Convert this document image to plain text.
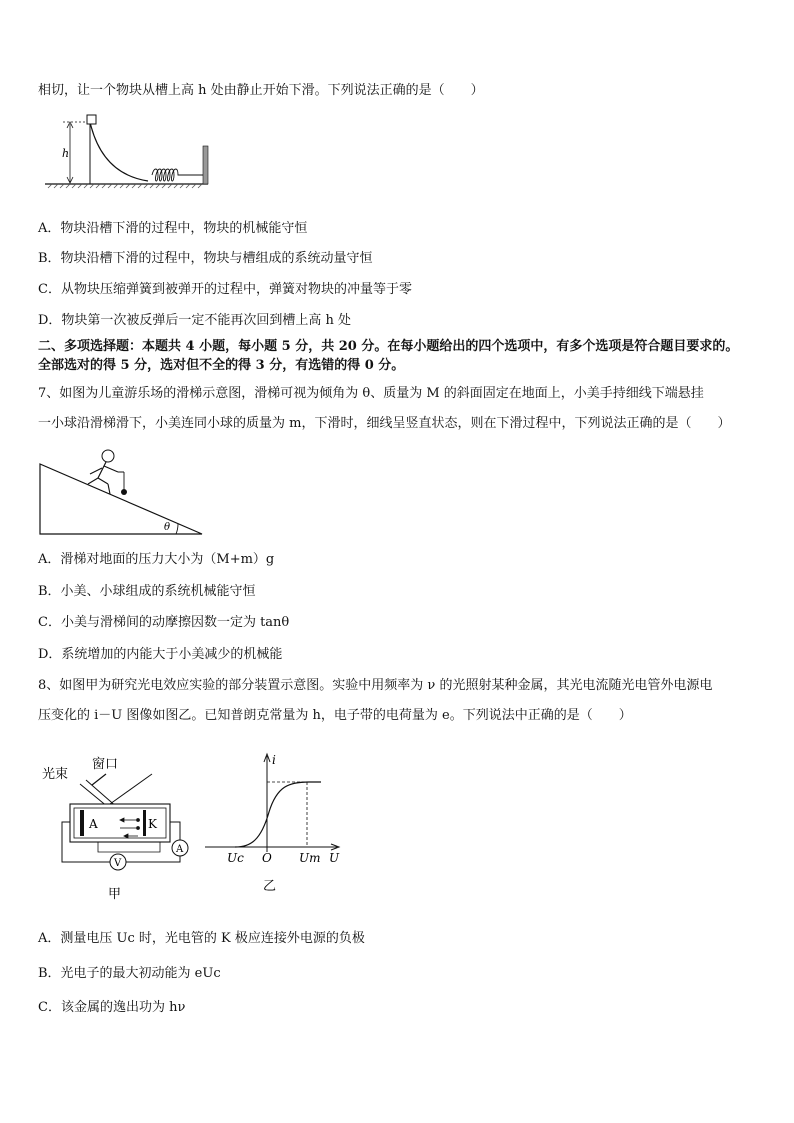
相切，让一个物块从槽上高 h 处由静止开始下滑。下列说法正确的是（　　）
h
A．物块沿槽下滑的过程中，物块的机械能守恒
B．物块沿槽下滑的过程中，物块与槽组成的系统动量守恒
C．从物块压缩弹簧到被弹开的过程中，弹簧对物块的冲量等于零
D．物块第一次被反弹后一定不能再次回到槽上高 h 处
二、多项选择题：本题共 4 小题，每小题 5 分，共 20 分。在每小题给出的四个选项中，有多个选项是符合题目要求的。
全部选对的得 5 分，选对但不全的得 3 分，有选错的得 0 分。
7、如图为儿童游乐场的滑梯示意图，滑梯可视为倾角为 θ、质量为 M 的斜面固定在地面上，小美手持细线下端悬挂
一小球沿滑梯滑下，小美连同小球的质量为 m，下滑时，细线呈竖直状态，则在下滑过程中，下列说法正确的是（　　）
θ
A．滑梯对地面的压力大小为（M+m）g
B．小美、小球组成的系统机械能守恒
C．小美与滑梯间的动摩擦因数一定为 tanθ
D．系统增加的内能大于小美减少的机械能
8、如图甲为研究光电效应实验的部分装置示意图。实验中用频率为 ν 的光照射某种金属，其光电流随光电管外电源电
压变化的 i－U 图像如图乙。已知普朗克常量为 h，电子带的电荷量为 e。下列说法中正确的是（　　）
光束
窗口
A	K
V
A
甲
i
Uc O Um U
乙
A．测量电压 Uc 时，光电管的 K 极应连接外电源的负极
B．光电子的最大初动能为 eUc
C．该金属的逸出功为 hν
